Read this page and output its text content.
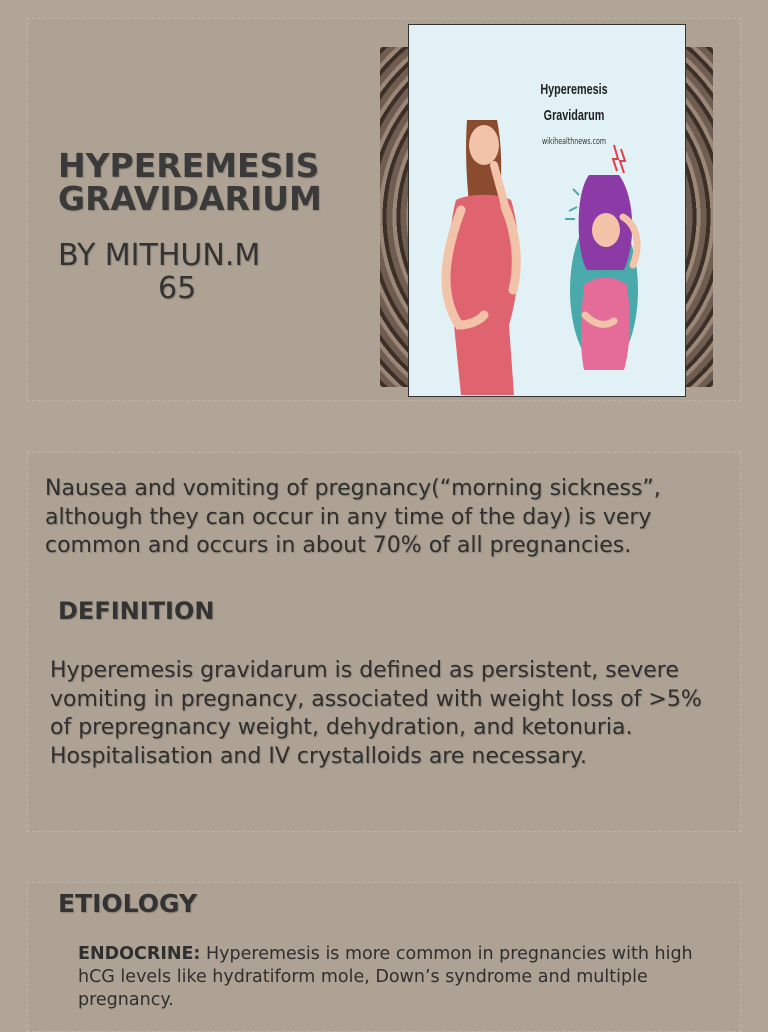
HYPEREMESIS
GRAVIDARIUM
BY MITHUN.M
65
Hyperemesis
Gravidarum
wikihealthnews.com
Nausea and vomiting of pregnancy(“morning sickness”, although they can occur in any time of the day) is very common and occurs in about 70% of all pregnancies.
DEFINITION
Hyperemesis gravidarum is defined as persistent, severe vomiting in pregnancy, associated with weight loss of >5% of prepregnancy weight, dehydration, and ketonuria. Hospitalisation and IV crystalloids are necessary.
ETIOLOGY
ENDOCRINE: Hyperemesis is more common in pregnancies with high hCG levels like hydratiform mole, Down’s syndrome and multiple pregnancy.
